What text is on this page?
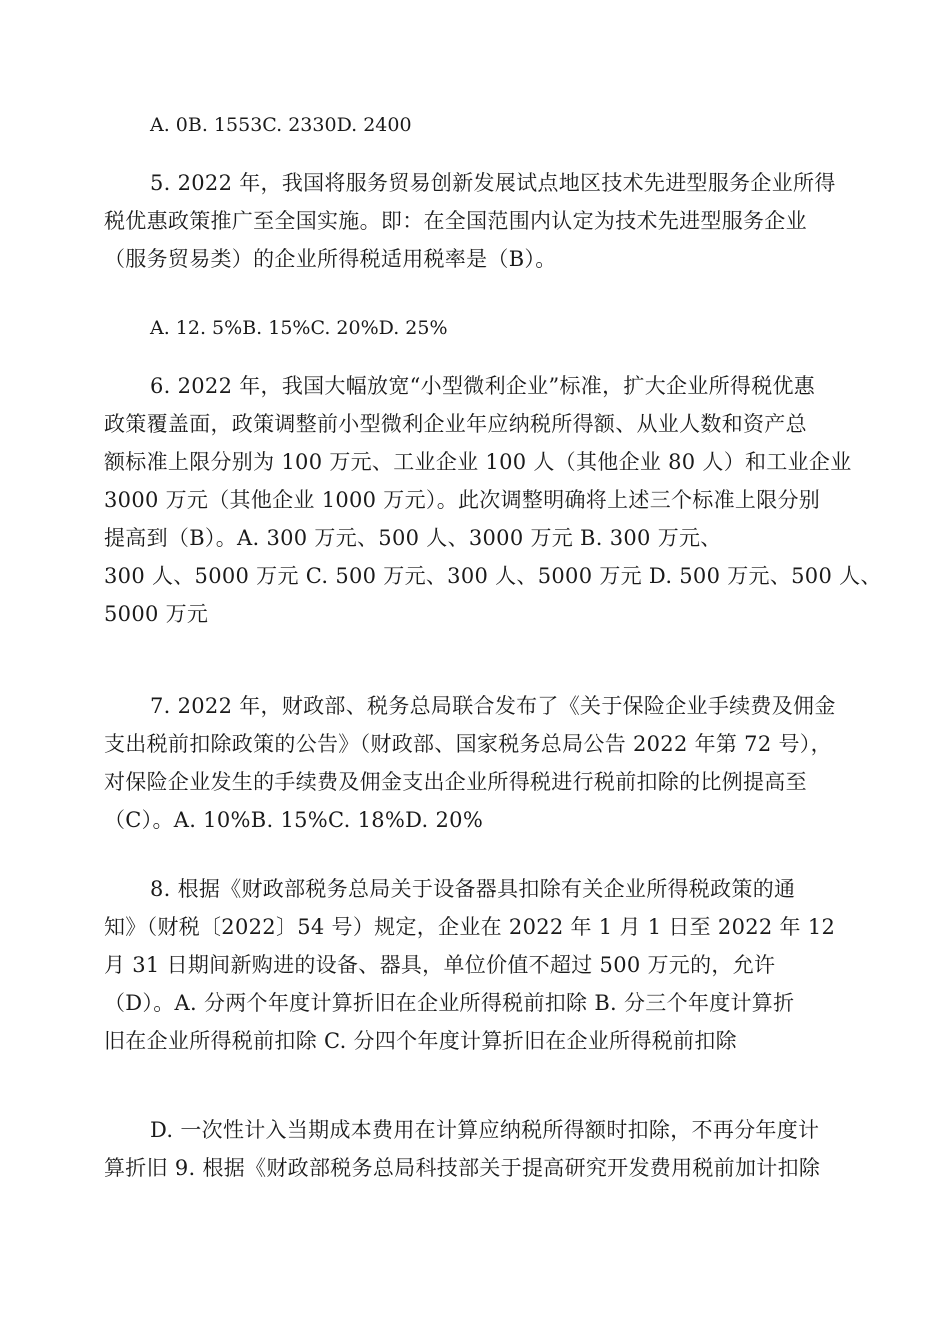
A. 0B. 1553C. 2330D. 2400

5. 2022 年，我国将服务贸易创新发展试点地区技术先进型服务企业所得
税优惠政策推广至全国实施。即：在全国范围内认定为技术先进型服务企业
（服务贸易类）的企业所得税适用税率是（B）。

A. 12. 5%B. 15%C. 20%D. 25%

6. 2022 年，我国大幅放宽“小型微利企业”标准，扩大企业所得税优惠
政策覆盖面，政策调整前小型微利企业年应纳税所得额、从业人数和资产总
额标准上限分别为 100 万元、工业企业 100 人（其他企业 80 人）和工业企业
3000 万元（其他企业 1000 万元）。此次调整明确将上述三个标准上限分别
提高到（B）。A. 300 万元、500 人、3000 万元 B. 300 万元、
300 人、5000 万元 C. 500 万元、300 人、5000 万元 D. 500 万元、500 人、
5000 万元

7. 2022 年，财政部、税务总局联合发布了《关于保险企业手续费及佣金
支出税前扣除政策的公告》（财政部、国家税务总局公告 2022 年第 72 号），
对保险企业发生的手续费及佣金支出企业所得税进行税前扣除的比例提高至
（C）。A. 10%B. 15%C. 18%D. 20%

8. 根据《财政部税务总局关于设备器具扣除有关企业所得税政策的通
知》（财税〔2022〕54 号）规定，企业在 2022 年 1 月 1 日至 2022 年 12
月 31 日期间新购进的设备、器具，单位价值不超过 500 万元的，允许
（D）。A. 分两个年度计算折旧在企业所得税前扣除 B. 分三个年度计算折
旧在企业所得税前扣除 C. 分四个年度计算折旧在企业所得税前扣除

D. 一次性计入当期成本费用在计算应纳税所得额时扣除，不再分年度计
算折旧 9. 根据《财政部税务总局科技部关于提高研究开发费用税前加计扣除
